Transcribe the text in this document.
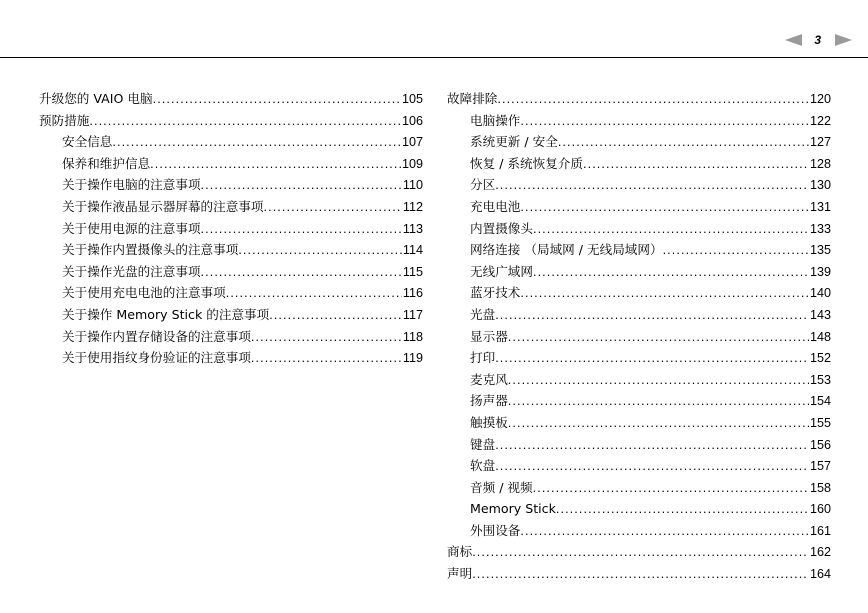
3
升级您的 VAIO 电脑 .....	105
预防措施 .....	106
安全信息 .....	107
保养和维护信息 .....	109
关于操作电脑的注意事项 .....	110
关于操作液晶显示器屏幕的注意事项 .....	112
关于使用电源的注意事项 .....	113
关于操作内置摄像头的注意事项 .....	114
关于操作光盘的注意事项 .....	115
关于使用充电电池的注意事项 .....	116
关于操作 Memory Stick 的注意事项 .....	117
关于操作内置存储设备的注意事项 .....	118
关于使用指纹身份验证的注意事项 .....	119
故障排除 .....	120
电脑操作 .....	122
系统更新 / 安全 .....	127
恢复 / 系统恢复介质 .....	128
分区 .....	130
充电电池 .....	131
内置摄像头 .....	133
网络连接 （局域网 / 无线局域网） .....	135
无线广域网 .....	139
蓝牙技术 .....	140
光盘 .....	143
显示器 .....	148
打印 .....	152
麦克风 .....	153
扬声器 .....	154
触摸板 .....	155
键盘 .....	156
软盘 .....	157
音频 / 视频 .....	158
Memory Stick .....	160
外围设备 .....	161
商标 .....	162
声明 .....	164
